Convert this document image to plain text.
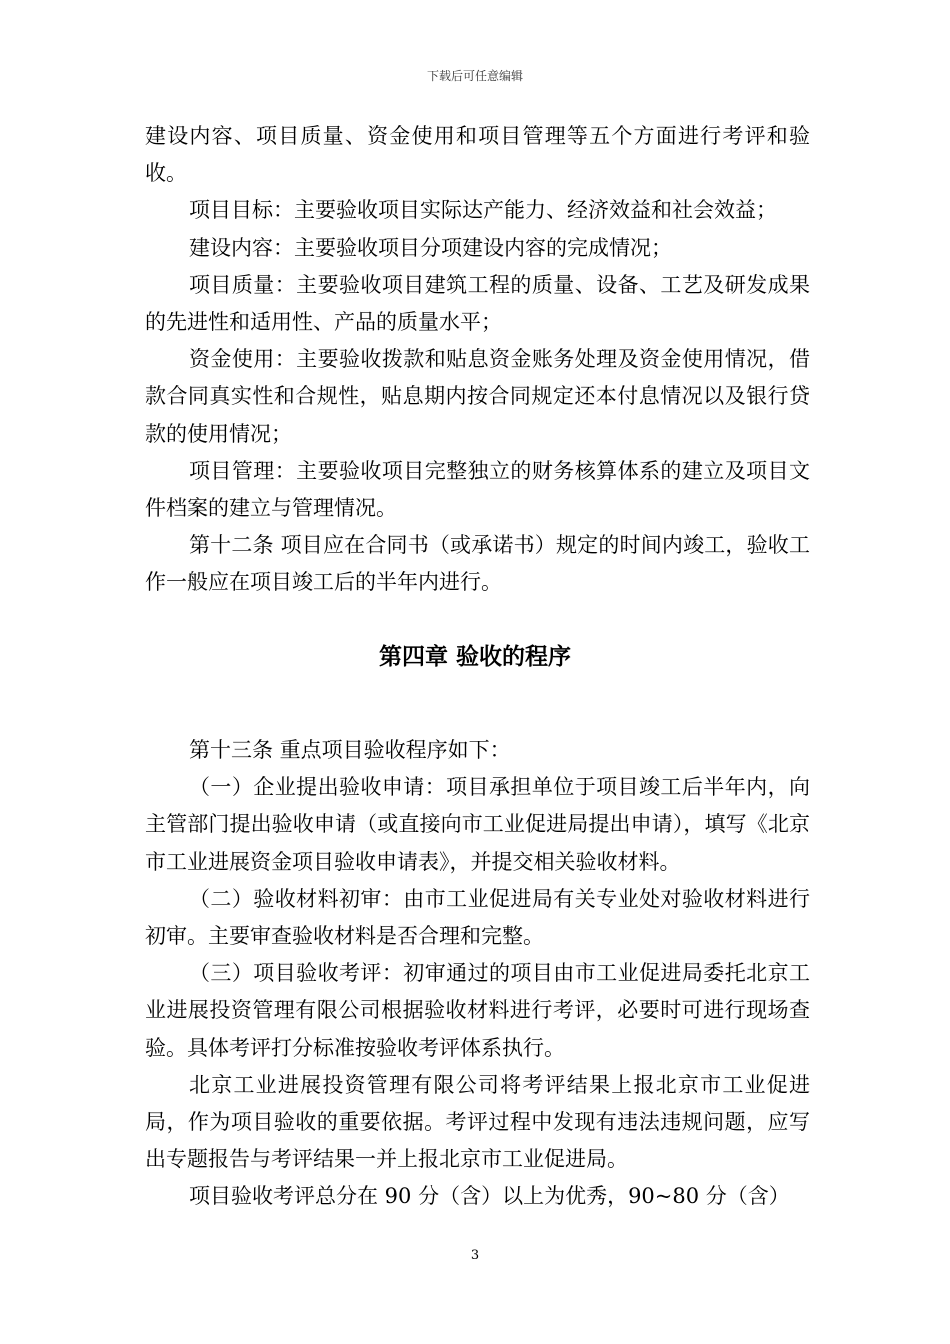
下载后可任意编辑

建设内容、项目质量、资金使用和项目管理等五个方面进行考评和验收。

项目目标：主要验收项目实际达产能力、经济效益和社会效益；

建设内容：主要验收项目分项建设内容的完成情况；

项目质量：主要验收项目建筑工程的质量、设备、工艺及研发成果的先进性和适用性、产品的质量水平；

资金使用：主要验收拨款和贴息资金账务处理及资金使用情况，借款合同真实性和合规性，贴息期内按合同规定还本付息情况以及银行贷款的使用情况；

项目管理：主要验收项目完整独立的财务核算体系的建立及项目文件档案的建立与管理情况。

第十二条 项目应在合同书（或承诺书）规定的时间内竣工，验收工作一般应在项目竣工后的半年内进行。

第四章 验收的程序

第十三条 重点项目验收程序如下：

（一）企业提出验收申请：项目承担单位于项目竣工后半年内，向主管部门提出验收申请（或直接向市工业促进局提出申请），填写《北京市工业进展资金项目验收申请表》，并提交相关验收材料。

（二）验收材料初审：由市工业促进局有关专业处对验收材料进行初审。主要审查验收材料是否合理和完整。

（三）项目验收考评：初审通过的项目由市工业促进局委托北京工业进展投资管理有限公司根据验收材料进行考评，必要时可进行现场查验。具体考评打分标准按验收考评体系执行。

北京工业进展投资管理有限公司将考评结果上报北京市工业促进局，作为项目验收的重要依据。考评过程中发现有违法违规问题，应写出专题报告与考评结果一并上报北京市工业促进局。

项目验收考评总分在 90 分（含）以上为优秀，90~80 分（含）

3
